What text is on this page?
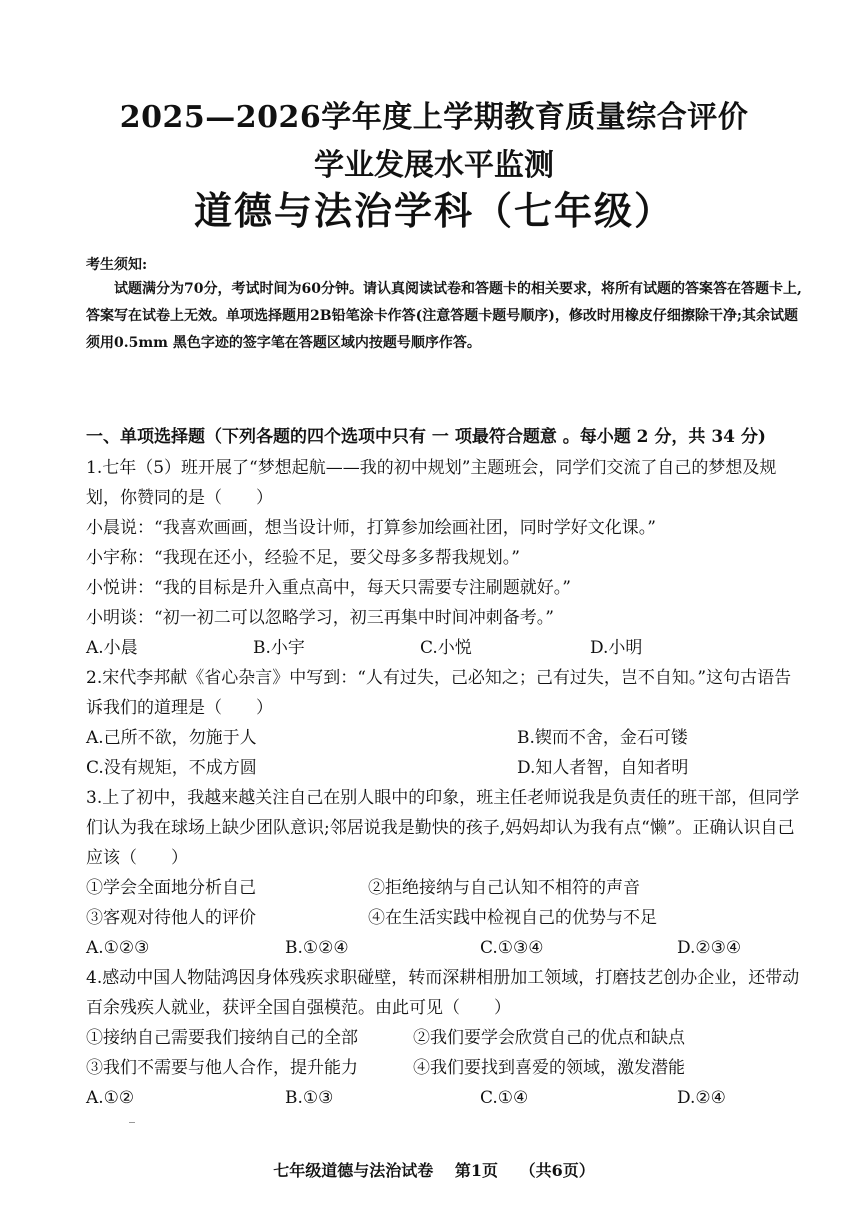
2025—2026学年度上学期教育质量综合评价
学业发展水平监测
道德与法治学科（七年级）
考生须知:
试题满分为70分，考试时间为60分钟。请认真阅读试卷和答题卡的相关要求，将所有试题的答案答在答题卡上,答案写在试卷上无效。单项选择题用2B铅笔涂卡作答(注意答题卡题号顺序)，修改时用橡皮仔细擦除干净;其余试题须用0.5mm 黑色字迹的签字笔在答题区域内按题号顺序作答。
一、单项选择题（下列各题的四个选项中只有 一 项最符合题意 。每小题 2 分，共 34 分)
1.七年（5）班开展了“梦想起航——我的初中规划”主题班会，同学们交流了自己的梦想及规划，你赞同的是（　　）
小晨说：“我喜欢画画，想当设计师，打算参加绘画社团，同时学好文化课。”
小宇称：“我现在还小，经验不足，要父母多多帮我规划。”
小悦讲：“我的目标是升入重点高中，每天只需要专注刷题就好。”
小明谈：“初一初二可以忽略学习，初三再集中时间冲刺备考。”
A.小晨	B.小宇	C.小悦	D.小明
2.宋代李邦献《省心杂言》中写到：“人有过失，己必知之；己有过失，岂不自知。”这句古语告诉我们的道理是（　　）
A.己所不欲，勿施于人	B.锲而不舍，金石可镂
C.没有规矩，不成方圆	D.知人者智，自知者明
3.上了初中，我越来越关注自己在别人眼中的印象，班主任老师说我是负责任的班干部，但同学们认为我在球场上缺少团队意识;邻居说我是勤快的孩子,妈妈却认为我有点“懒”。正确认识自己应该（　　）
①学会全面地分析自己	②拒绝接纳与自己认知不相符的声音
③客观对待他人的评价	④在生活实践中检视自己的优势与不足
A.①②③	B.①②④	C.①③④	D.②③④
4.感动中国人物陆鸿因身体残疾求职碰壁，转而深耕相册加工领域，打磨技艺创办企业，还带动百余残疾人就业，获评全国自强模范。由此可见（　　）
①接纳自己需要我们接纳自己的全部	②我们要学会欣赏自己的优点和缺点
③我们不需要与他人合作，提升能力	④我们要找到喜爱的领域，激发潜能
A.①②	B.①③	C.①④	D.②④
七年级道德与法治试卷 第1页 （共6页）
